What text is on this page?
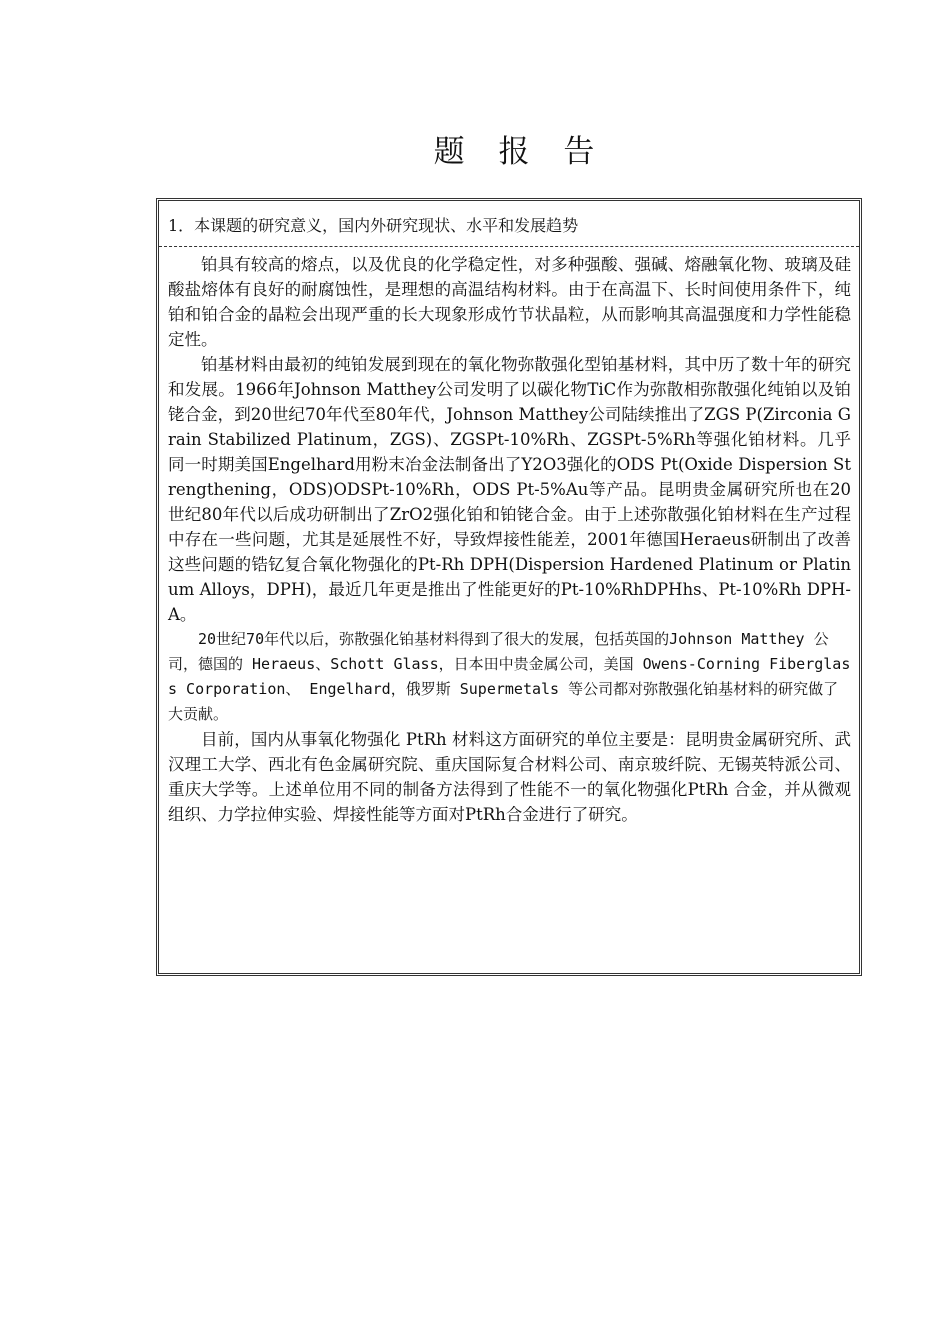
题 报 告
1．本课题的研究意义，国内外研究现状、水平和发展趋势

铂具有较高的熔点，以及优良的化学稳定性，对多种强酸、强碱、熔融氧化物、玻璃及硅酸盐熔体有良好的耐腐蚀性，是理想的高温结构材料。由于在高温下、长时间使用条件下，纯铂和铂合金的晶粒会出现严重的长大现象形成竹节状晶粒，从而影响其高温强度和力学性能稳定性。

铂基材料由最初的纯铂发展到现在的氧化物弥散强化型铂基材料，其中历了数十年的研究和发展。1966年Johnson Matthey公司发明了以碳化物TiC作为弥散相弥散强化纯铂以及铂铑合金，到20世纪70年代至80年代，Johnson Matthey公司陆续推出了ZGS P(Zirconia Grain Stabilized Platinum，ZGS)、ZGSPt-10%Rh、ZGSPt-5%Rh等强化铂材料。几乎同一时期美国Engelhard用粉末冶金法制备出了Y2O3强化的ODS Pt(Oxide Dispersion Strengthening，ODS)ODSPt-10%Rh，ODS Pt-5%Au等产品。昆明贵金属研究所也在20世纪80年代以后成功研制出了ZrO2强化铂和铂铑合金。由于上述弥散强化铂材料在生产过程中存在一些问题，尤其是延展性不好，导致焊接性能差，2001年德国Heraeus研制出了改善这些问题的锆钇复合氧化物强化的Pt-Rh DPH(Dispersion Hardened Platinum or Platinum Alloys，DPH)，最近几年更是推出了性能更好的Pt-10%RhDPHhs、Pt-10%Rh DPH-A。

20世纪70年代以后，弥散强化铂基材料得到了很大的发展，包括英国的Johnson Matthey 公司，德国的 Heraeus、Schott Glass，日本田中贵金属公司，美国 Owens-Corning Fiberglass Corporation、 Engelhard，俄罗斯 Supermetals 等公司都对弥散强化铂基材料的研究做了大贡献。

目前，国内从事氧化物强化 PtRh 材料这方面研究的单位主要是：昆明贵金属研究所、武汉理工大学、西北有色金属研究院、重庆国际复合材料公司、南京玻纤院、无锡英特派公司、重庆大学等。上述单位用不同的制备方法得到了性能不一的氧化物强化PtRh 合金，并从微观组织、力学拉伸实验、焊接性能等方面对PtRh合金进行了研究。
